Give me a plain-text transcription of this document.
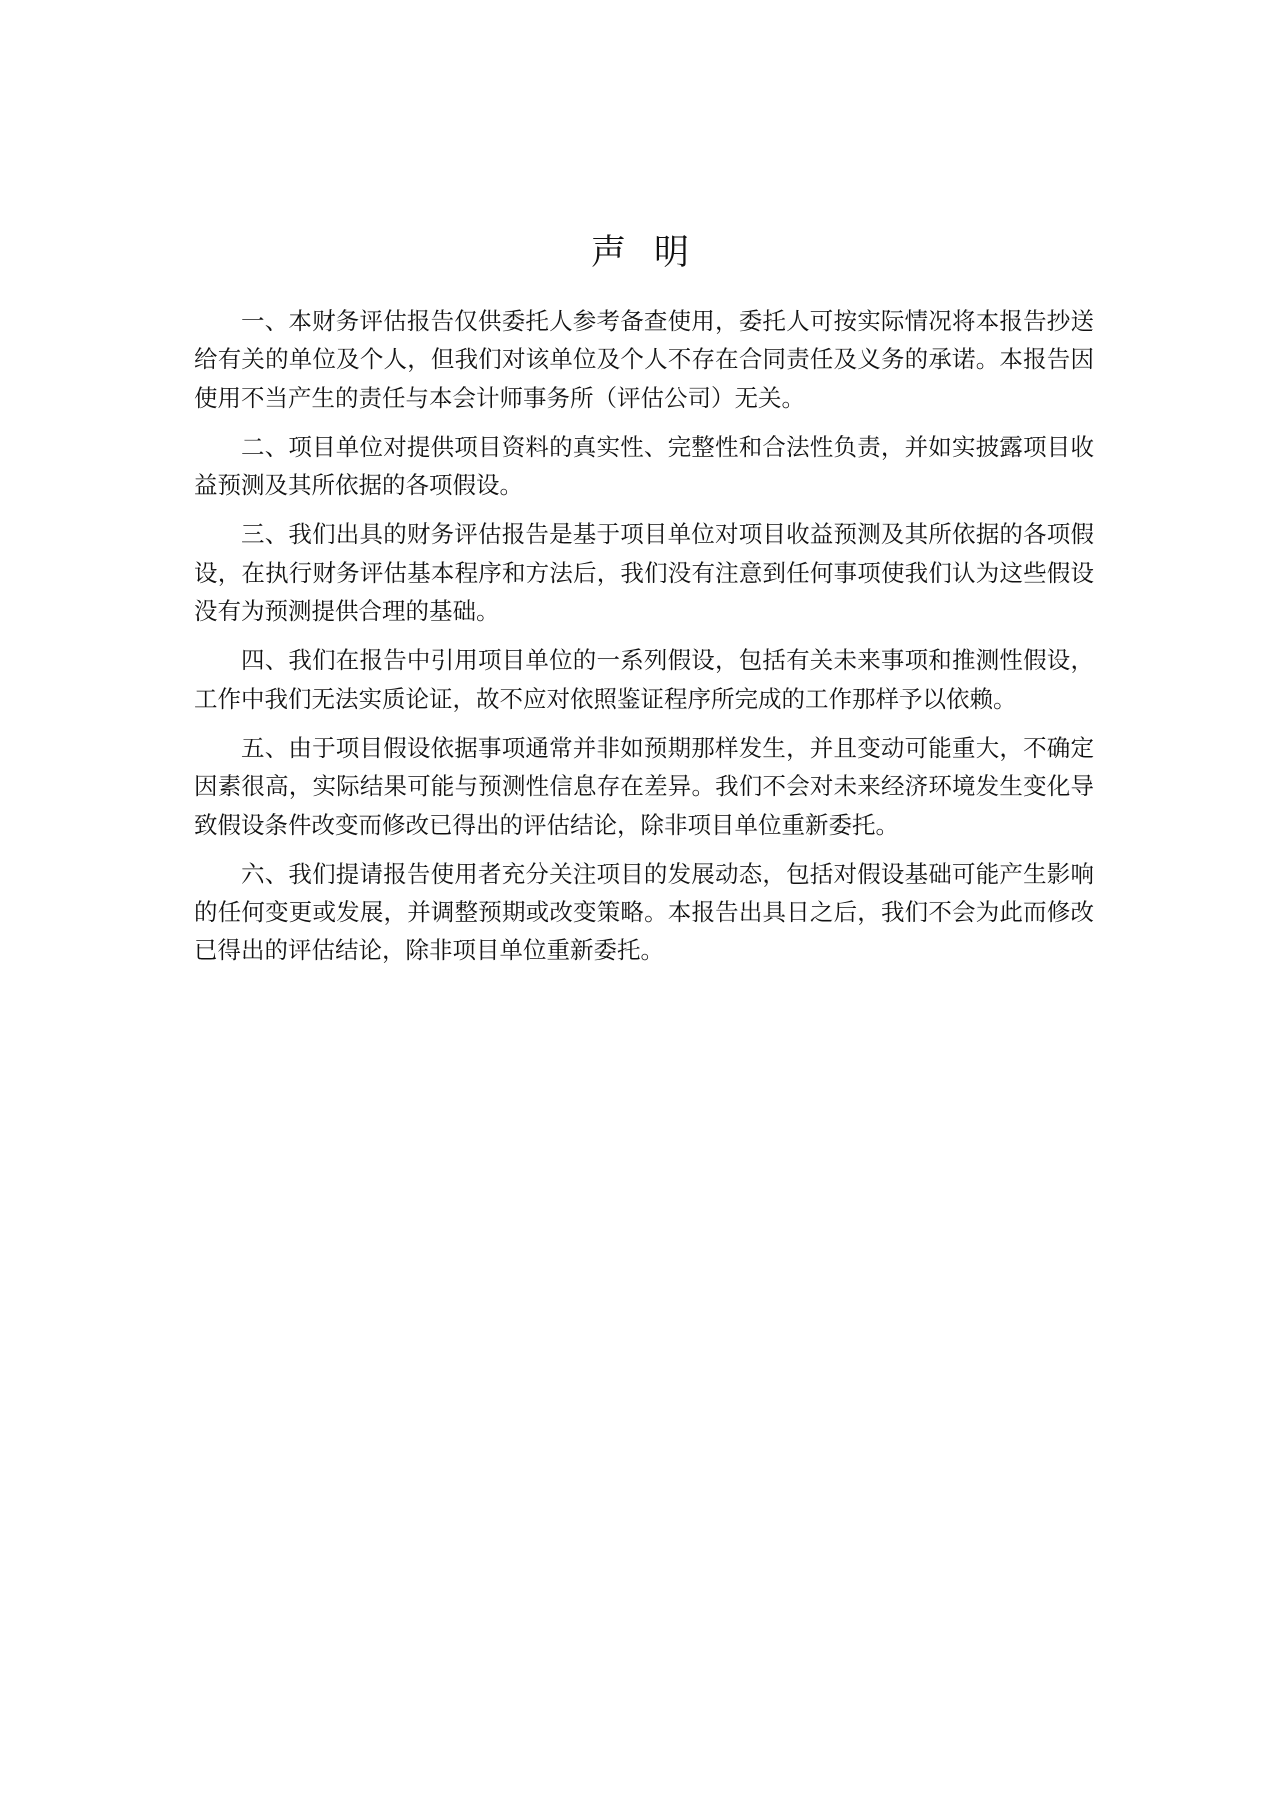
声明

一、本财务评估报告仅供委托人参考备查使用，委托人可按实际情况将本报告抄送给有关的单位及个人，但我们对该单位及个人不存在合同责任及义务的承诺。本报告因使用不当产生的责任与本会计师事务所（评估公司）无关。

二、项目单位对提供项目资料的真实性、完整性和合法性负责，并如实披露项目收益预测及其所依据的各项假设。

三、我们出具的财务评估报告是基于项目单位对项目收益预测及其所依据的各项假设，在执行财务评估基本程序和方法后，我们没有注意到任何事项使我们认为这些假设没有为预测提供合理的基础。

四、我们在报告中引用项目单位的一系列假设，包括有关未来事项和推测性假设，工作中我们无法实质论证，故不应对依照鉴证程序所完成的工作那样予以依赖。

五、由于项目假设依据事项通常并非如预期那样发生，并且变动可能重大，不确定因素很高，实际结果可能与预测性信息存在差异。我们不会对未来经济环境发生变化导致假设条件改变而修改已得出的评估结论，除非项目单位重新委托。

六、我们提请报告使用者充分关注项目的发展动态，包括对假设基础可能产生影响的任何变更或发展，并调整预期或改变策略。本报告出具日之后，我们不会为此而修改已得出的评估结论，除非项目单位重新委托。
